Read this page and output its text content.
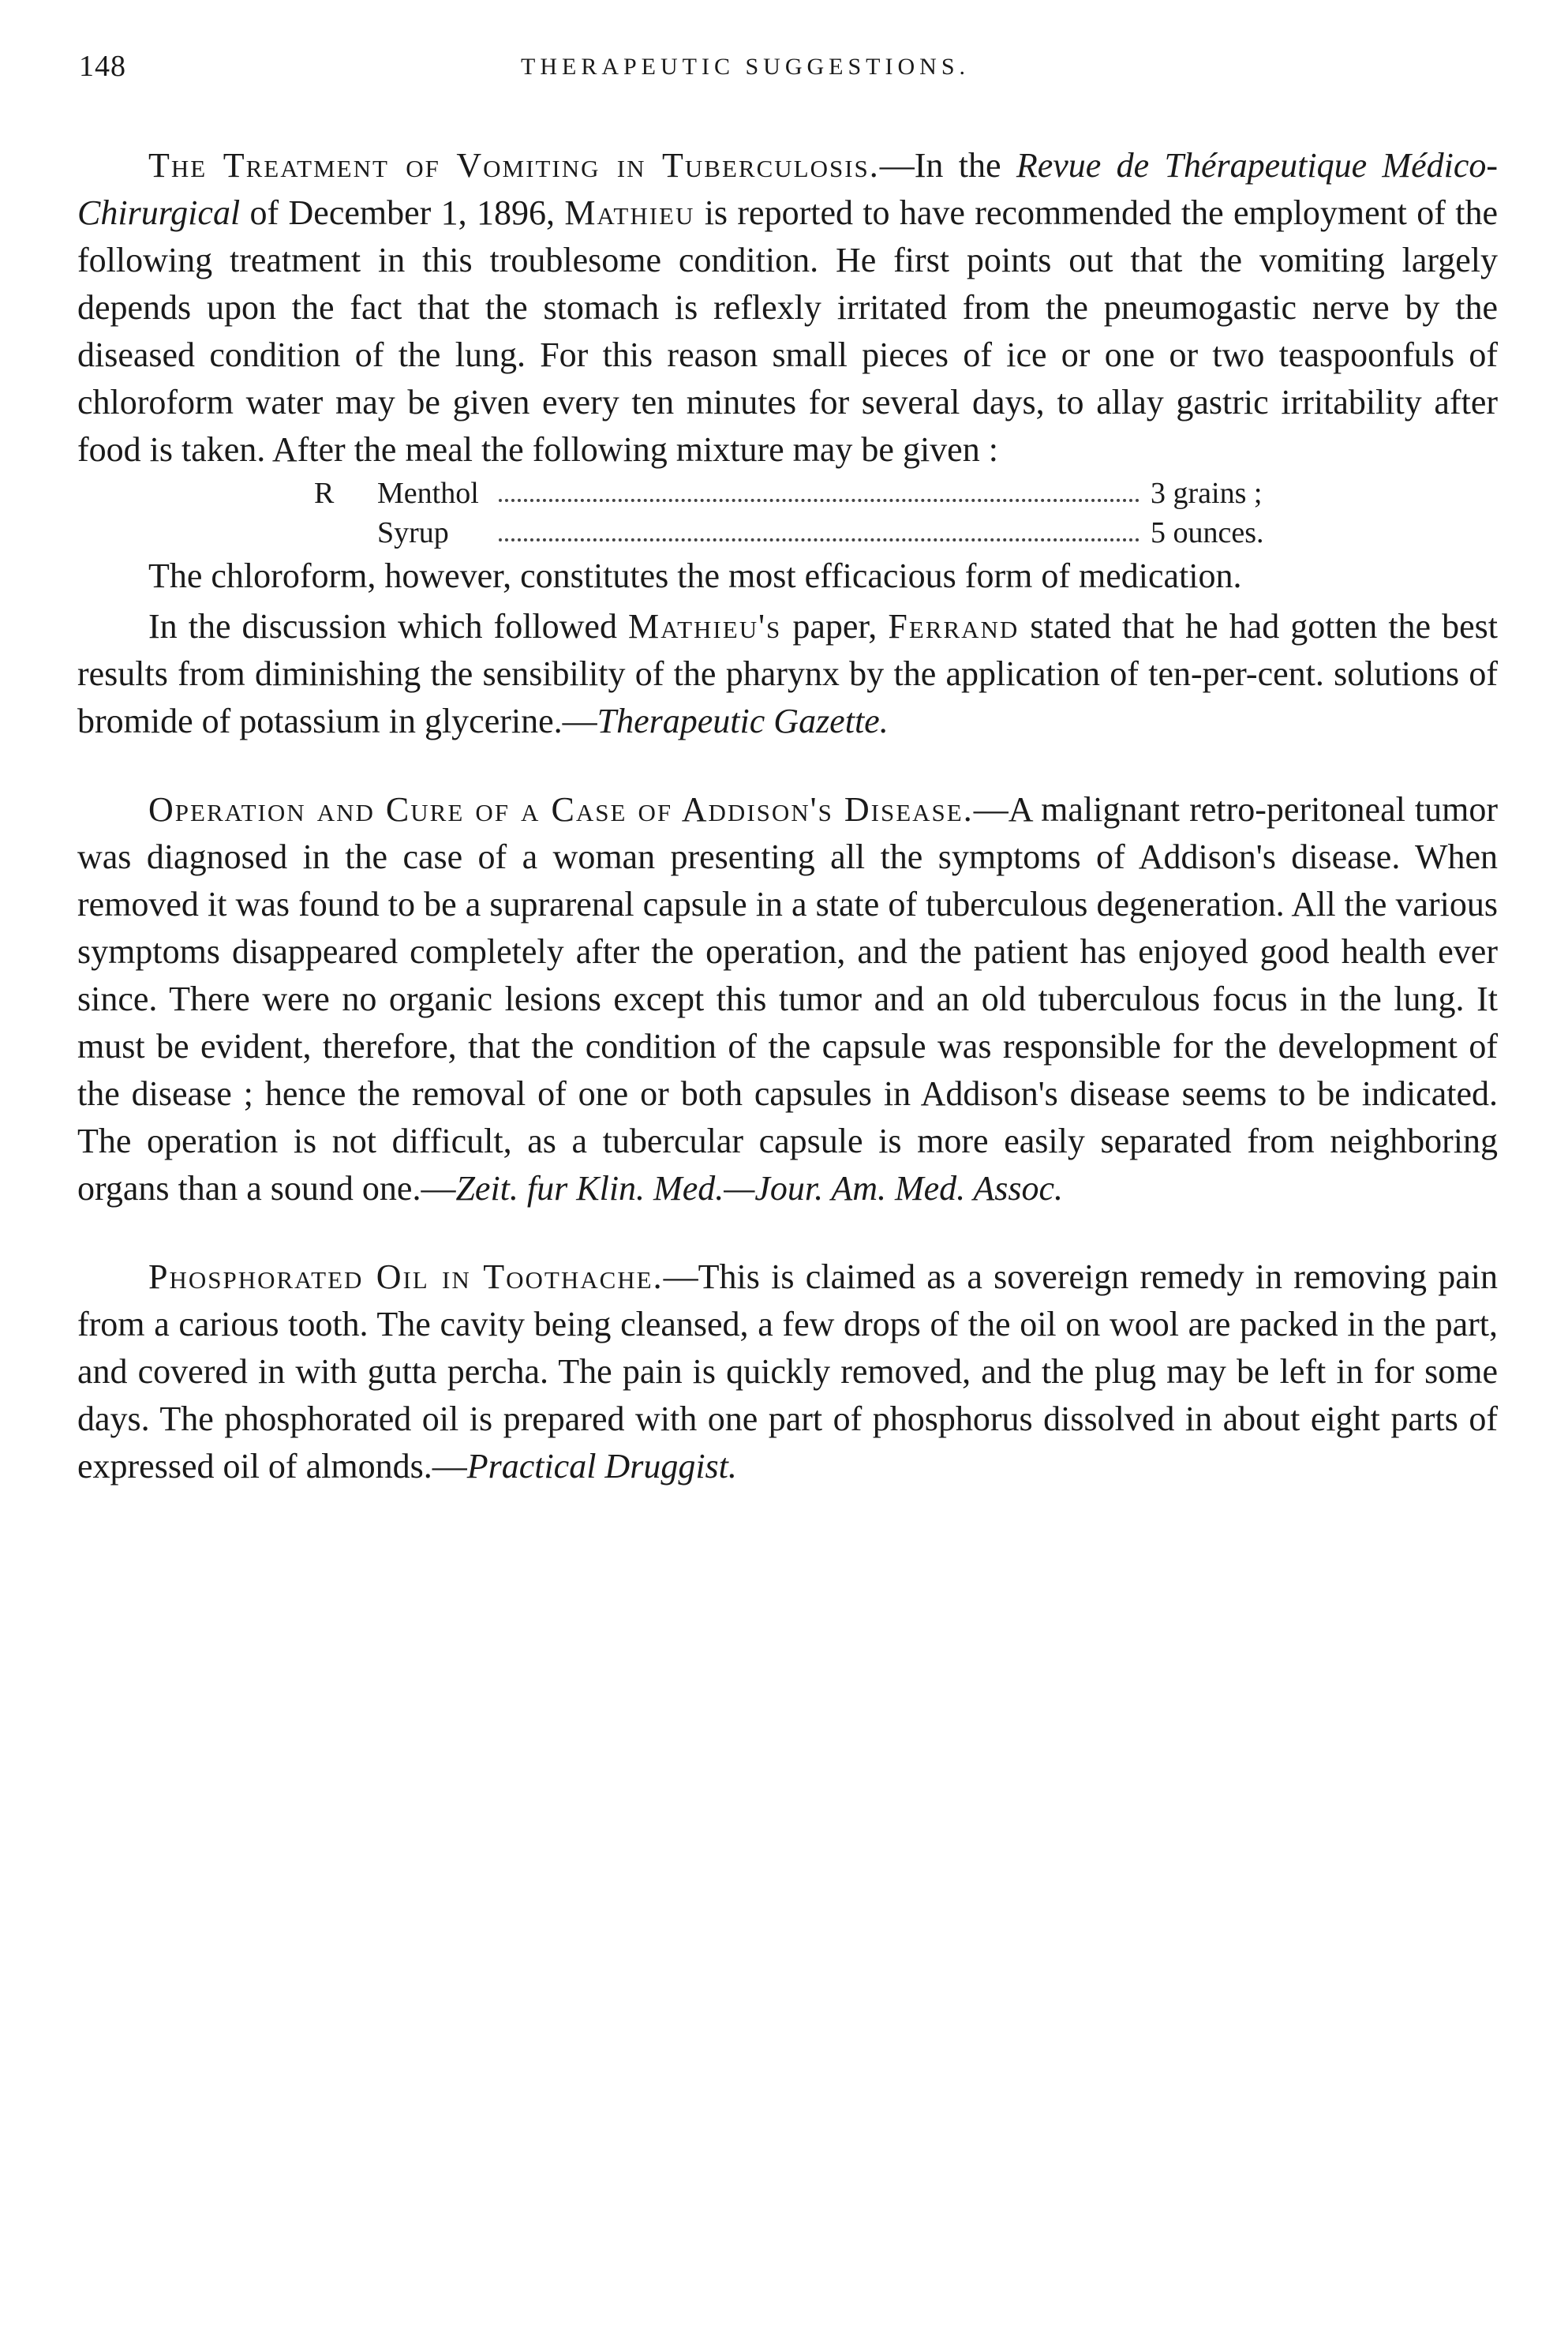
148	THERAPEUTIC SUGGESTIONS.

The Treatment of Vomiting in Tuberculosis.—In the Revue de Thérapeutique Médico-Chirurgical of December 1, 1896, Mathieu is reported to have recommended the employment of the following treatment in this troublesome condition. He first points out that the vomiting largely depends upon the fact that the stomach is reflexly irritated from the pneumogastic nerve by the diseased condition of the lung. For this reason small pieces of ice or one or two teaspoonfuls of chloroform water may be given every ten minutes for several days, to allay gastric irritability after food is taken. After the meal the following mixture may be given :

R	Menthol	3 grains ;
Syrup	5 ounces.

The chloroform, however, constitutes the most efficacious form of medication.

In the discussion which followed Mathieu's paper, Ferrand stated that he had gotten the best results from diminishing the sensibility of the pharynx by the application of ten-per-cent. solutions of bromide of potassium in glycerine.—Therapeutic Gazette.

Operation and Cure of a Case of Addison's Disease.—A malignant retro-peritoneal tumor was diagnosed in the case of a woman presenting all the symptoms of Addison's disease. When removed it was found to be a suprarenal capsule in a state of tuberculous degeneration. All the various symptoms disappeared completely after the operation, and the patient has enjoyed good health ever since. There were no organic lesions except this tumor and an old tuberculous focus in the lung. It must be evident, therefore, that the condition of the capsule was responsible for the development of the disease ; hence the removal of one or both capsules in Addison's disease seems to be indicated. The operation is not difficult, as a tubercular capsule is more easily separated from neighboring organs than a sound one.—Zeit. fur Klin. Med.—Jour. Am. Med. Assoc.

Phosphorated Oil in Toothache.—This is claimed as a sovereign remedy in removing pain from a carious tooth. The cavity being cleansed, a few drops of the oil on wool are packed in the part, and covered in with gutta percha. The pain is quickly removed, and the plug may be left in for some days. The phosphorated oil is prepared with one part of phosphorus dissolved in about eight parts of expressed oil of almonds.—Practical Druggist.
